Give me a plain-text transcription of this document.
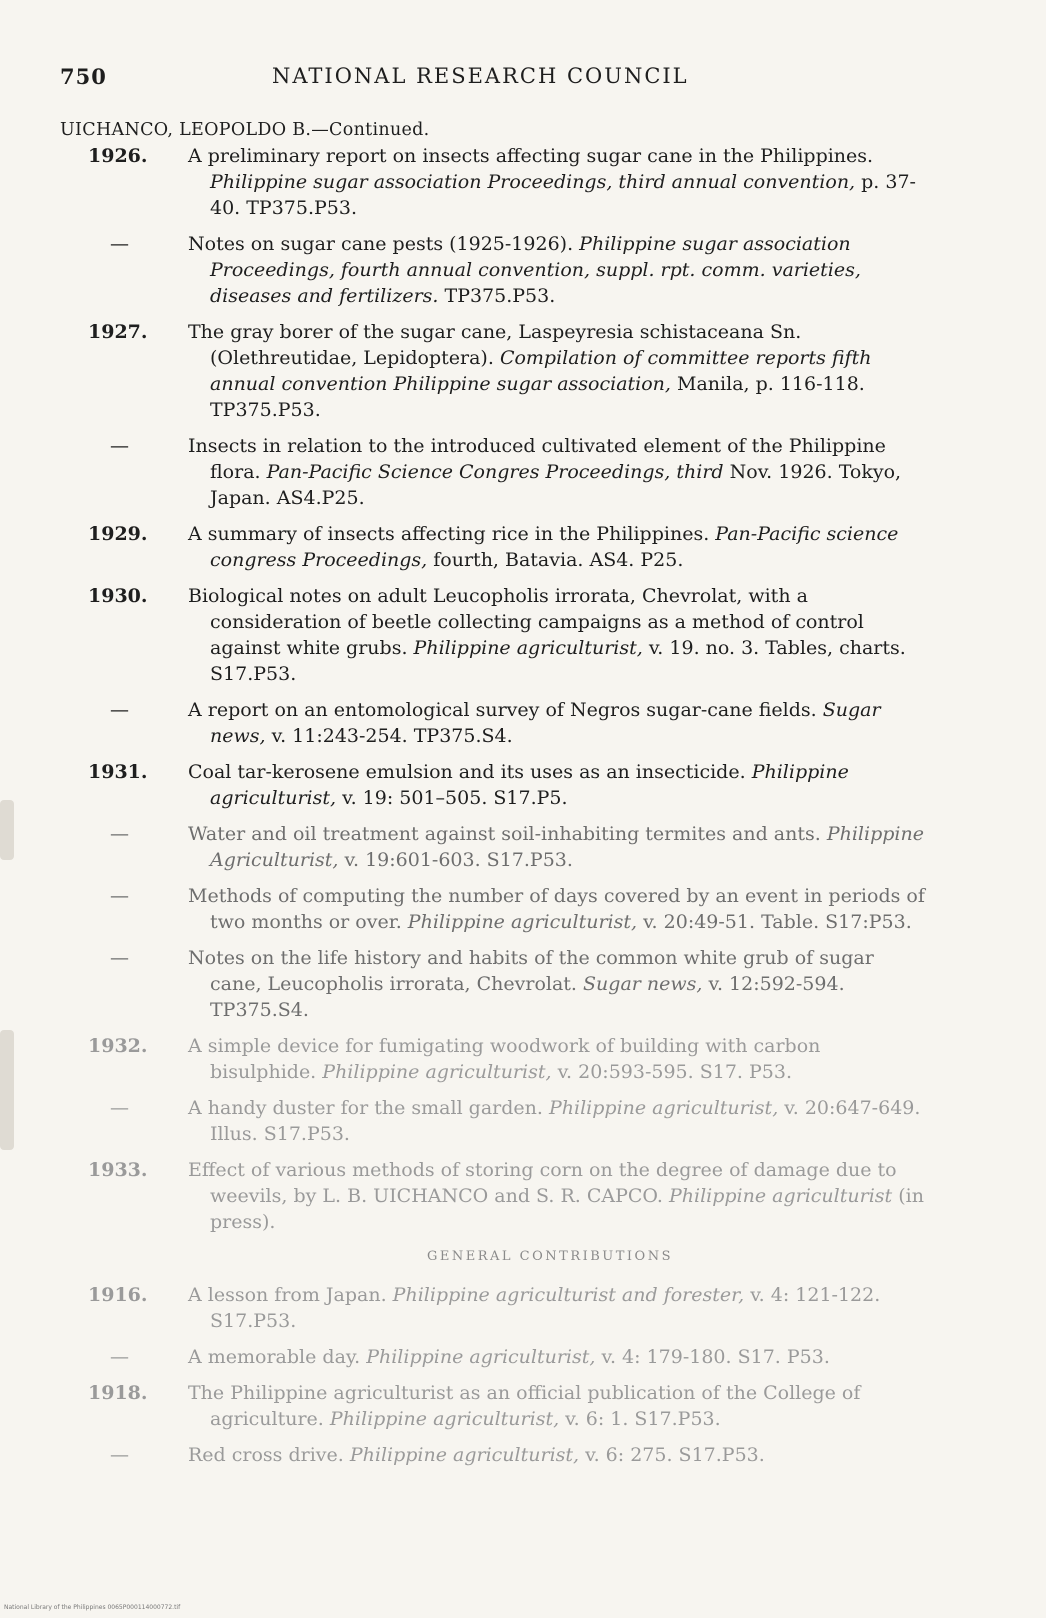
750	NATIONAL RESEARCH COUNCIL
UICHANCO, LEOPOLDO B.—Continued.
1926. A preliminary report on insects affecting sugar cane in the Philippines. Philippine sugar association Proceedings, third annual convention, p. 37-40. TP375.P53.
—	Notes on sugar cane pests (1925-1926). Philippine sugar association Proceedings, fourth annual convention, suppl. rpt. comm. varieties, diseases and fertilizers. TP375.P53.
1927. The gray borer of the sugar cane, Laspeyresia schistaceana Sn. (Olethreutidae, Lepidoptera). Compilation of committee reports fifth annual convention Philippine sugar association, Manila, p. 116-118. TP375.P53.
—	Insects in relation to the introduced cultivated element of the Philippine flora. Pan-Pacific Science Congres Proceedings, third Nov. 1926. Tokyo, Japan. AS4.P25.
1929. A summary of insects affecting rice in the Philippines. Pan-Pacific science congress Proceedings, fourth, Batavia. AS4. P25.
1930. Biological notes on adult Leucopholis irrorata, Chevrolat, with a consideration of beetle collecting campaigns as a method of control against white grubs. Philippine agriculturist, v. 19. no. 3. Tables, charts. S17.P53.
—	A report on an entomological survey of Negros sugar-cane fields. Sugar news, v. 11:243-254. TP375.S4.
1931. Coal tar-kerosene emulsion and its uses as an insecticide. Philippine agriculturist, v. 19: 501–505. S17.P5.
—	Water and oil treatment against soil-inhabiting termites and ants. Philippine Agriculturist, v. 19:601-603. S17.P53.
—	Methods of computing the number of days covered by an event in periods of two months or over. Philippine agriculturist, v. 20:49-51. Table. S17:P53.
—	Notes on the life history and habits of the common white grub of sugar cane, Leucopholis irrorata, Chevrolat. Sugar news, v. 12:592-594. TP375.S4.
1932. A simple device for fumigating woodwork of building with carbon bisulphide. Philippine agriculturist, v. 20:593-595. S17. P53.
—	A handy duster for the small garden. Philippine agriculturist, v. 20:647-649. Illus. S17.P53.
1933. Effect of various methods of storing corn on the degree of damage due to weevils, by L. B. UICHANCO and S. R. CAPCO. Philippine agriculturist (in press).
GENERAL CONTRIBUTIONS
1916. A lesson from Japan. Philippine agriculturist and forester, v. 4: 121-122. S17.P53.
—	A memorable day. Philippine agriculturist, v. 4: 179-180. S17. P53.
1918. The Philippine agriculturist as an official publication of the College of agriculture. Philippine agriculturist, v. 6: 1. S17.P53.
—	Red cross drive. Philippine agriculturist, v. 6: 275. S17.P53.
National Library of the Philippines 0065P000114000772.tif
